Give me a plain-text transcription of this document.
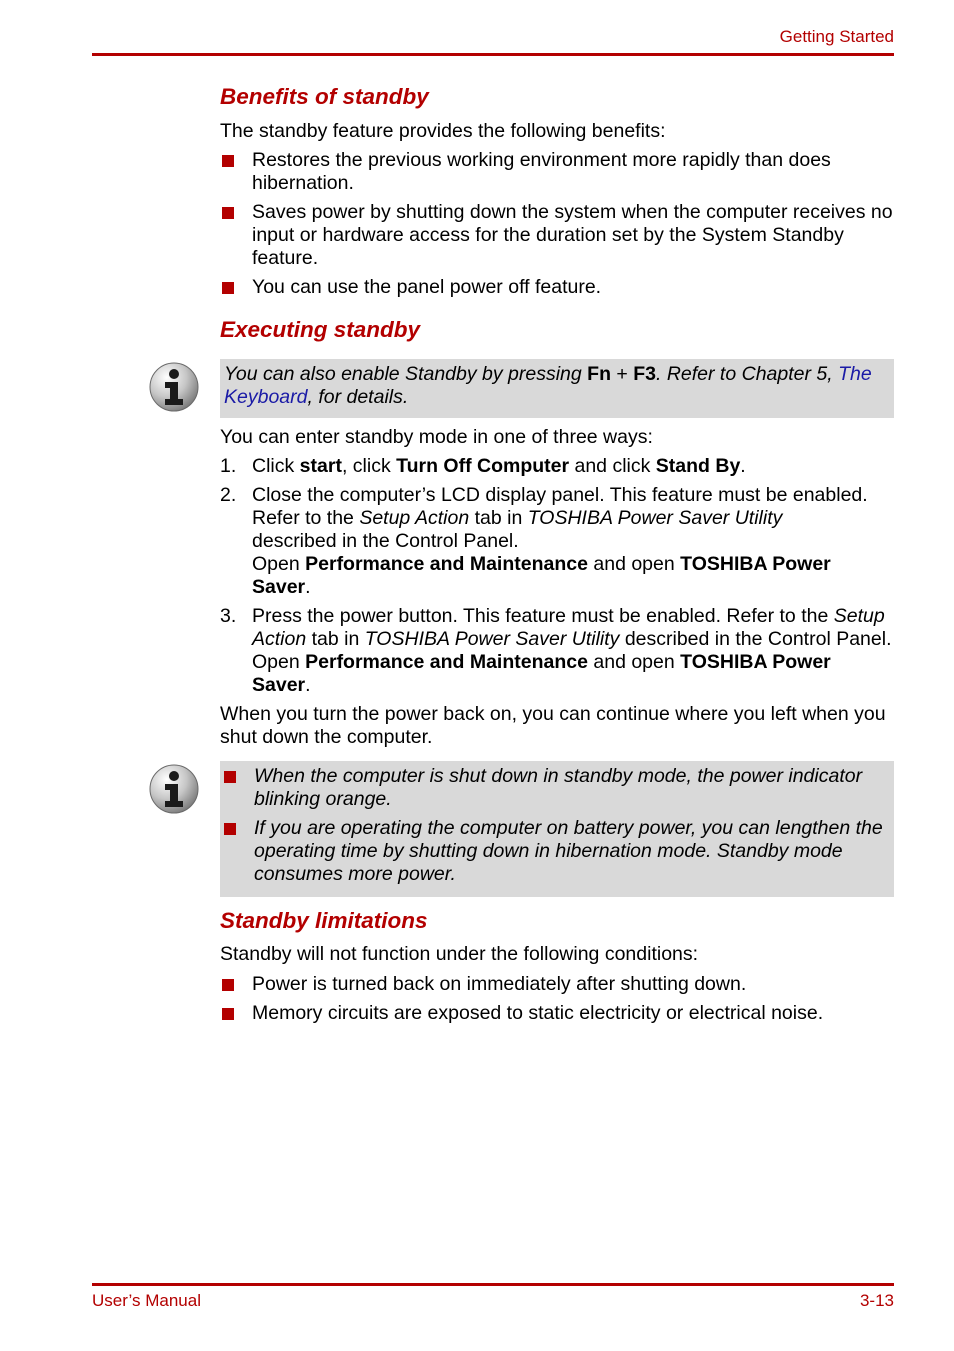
Getting Started
Benefits of standby

The standby feature provides the following benefits:

Restores the previous working environment more rapidly than does hibernation.
Saves power by shutting down the system when the computer receives no input or hardware access for the duration set by the System Standby feature.
You can use the panel power off feature.
Executing standby
You can also enable Standby by pressing Fn + F3. Refer to Chapter 5, The Keyboard, for details.

You can enter standby mode in one of three ways:

1. Click start, click Turn Off Computer and click Stand By.
2. Close the computer’s LCD display panel. This feature must be enabled. Refer to the Setup Action tab in TOSHIBA Power Saver Utility
described in the Control Panel.
Open Performance and Maintenance and open TOSHIBA Power Saver.
3. Press the power button. This feature must be enabled. Refer to the Setup Action tab in TOSHIBA Power Saver Utility described in the Control Panel.
Open Performance and Maintenance and open TOSHIBA Power Saver.

When you turn the power back on, you can continue where you left when you shut down the computer.

When the computer is shut down in standby mode, the power indicator blinking orange.
If you are operating the computer on battery power, you can lengthen the operating time by shutting down in hibernation mode. Standby mode consumes more power.
Standby limitations

Standby will not function under the following conditions:

Power is turned back on immediately after shutting down.
Memory circuits are exposed to static electricity or electrical noise.
User’s Manual	3-13
